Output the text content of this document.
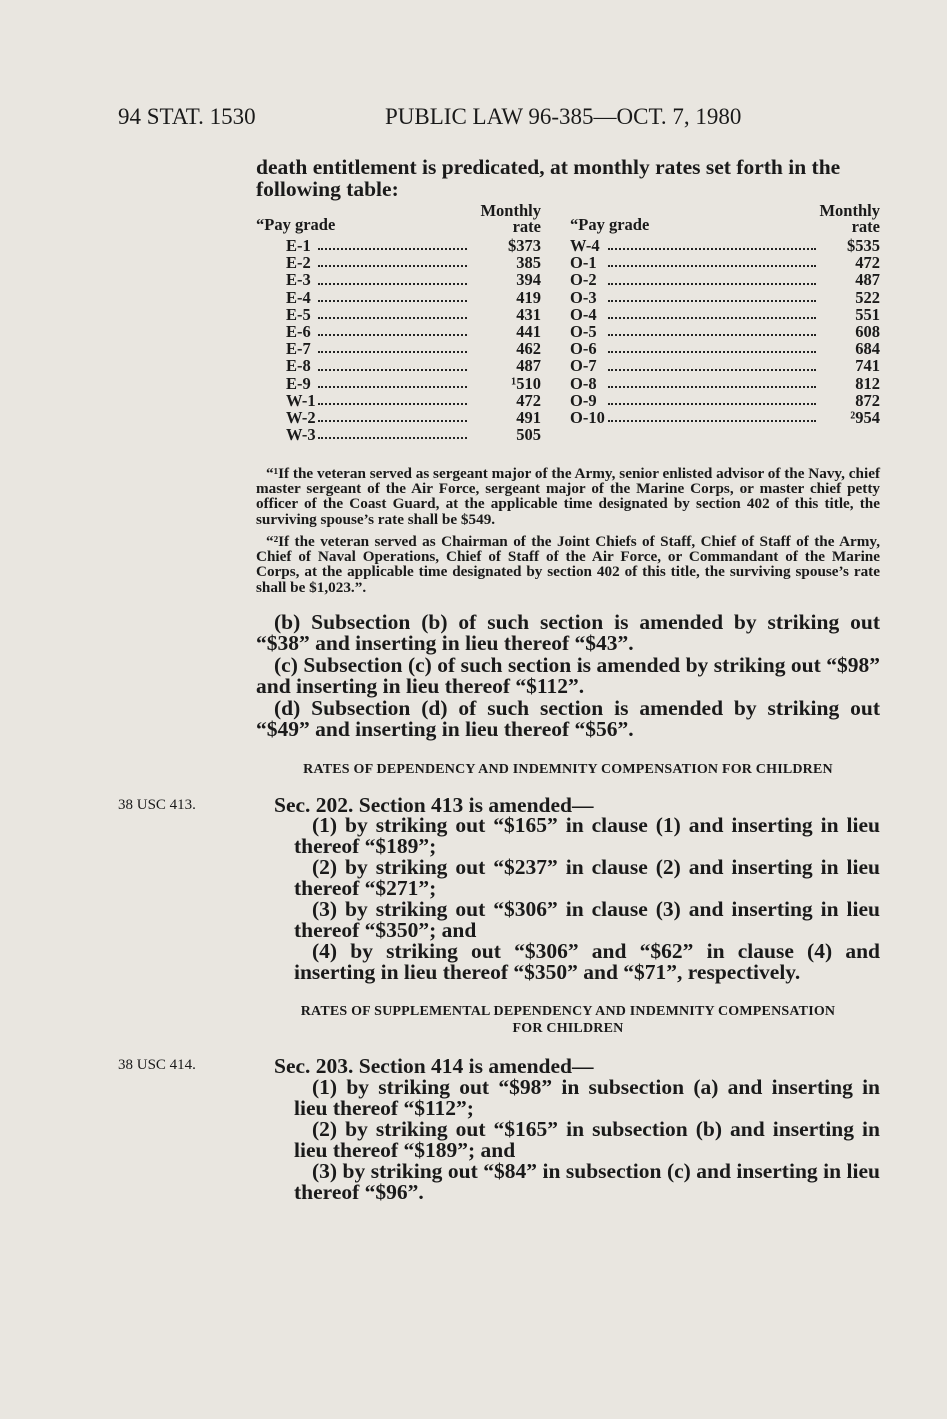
94 STAT. 1530	PUBLIC LAW 96-385—OCT. 7, 1980
death entitlement is predicated, at monthly rates set forth in the following table:
“Pay grade
Monthly
rate
E-1	$373
E-2	385
E-3	394
E-4	419
E-5	431
E-6	441
E-7	462
E-8	487
E-9	¹510
W-1	472
W-2	491
W-3	505
“Pay grade
Monthly
rate
W-4	$535
O-1	472
O-2	487
O-3	522
O-4	551
O-5	608
O-6	684
O-7	741
O-8	812
O-9	872
O-10	²954

“¹If the veteran served as sergeant major of the Army, senior enlisted advisor of the Navy, chief master sergeant of the Air Force, sergeant major of the Marine Corps, or master chief petty officer of the Coast Guard, at the applicable time designated by section 402 of this title, the surviving spouse’s rate shall be $549.

“²If the veteran served as Chairman of the Joint Chiefs of Staff, Chief of Staff of the Army, Chief of Naval Operations, Chief of Staff of the Air Force, or Commandant of the Marine Corps, at the applicable time designated by section 402 of this title, the surviving spouse’s rate shall be $1,023.”.

(b) Subsection (b) of such section is amended by striking out “$38” and inserting in lieu thereof “$43”.

(c) Subsection (c) of such section is amended by striking out “$98” and inserting in lieu thereof “$112”.

(d) Subsection (d) of such section is amended by striking out “$49” and inserting in lieu thereof “$56”.

RATES OF DEPENDENCY AND INDEMNITY COMPENSATION FOR CHILDREN
38 USC 413.	Sec. 202. Section 413 is amended—
RATES OF SUPPLEMENTAL DEPENDENCY AND INDEMNITY COMPENSATION
FOR CHILDREN
38 USC 414.	Sec. 203. Section 414 is amended—

(1) by striking out “$165” in clause (1) and inserting in lieu thereof “$189”;

(2) by striking out “$237” in clause (2) and inserting in lieu thereof “$271”;

(3) by striking out “$306” in clause (3) and inserting in lieu thereof “$350”; and

(4) by striking out “$306” and “$62” in clause (4) and inserting in lieu thereof “$350” and “$71”, respectively.

(1) by striking out “$98” in subsection (a) and inserting in lieu thereof “$112”;

(2) by striking out “$165” in subsection (b) and inserting in lieu thereof “$189”; and

(3) by striking out “$84” in subsection (c) and inserting in lieu thereof “$96”.
